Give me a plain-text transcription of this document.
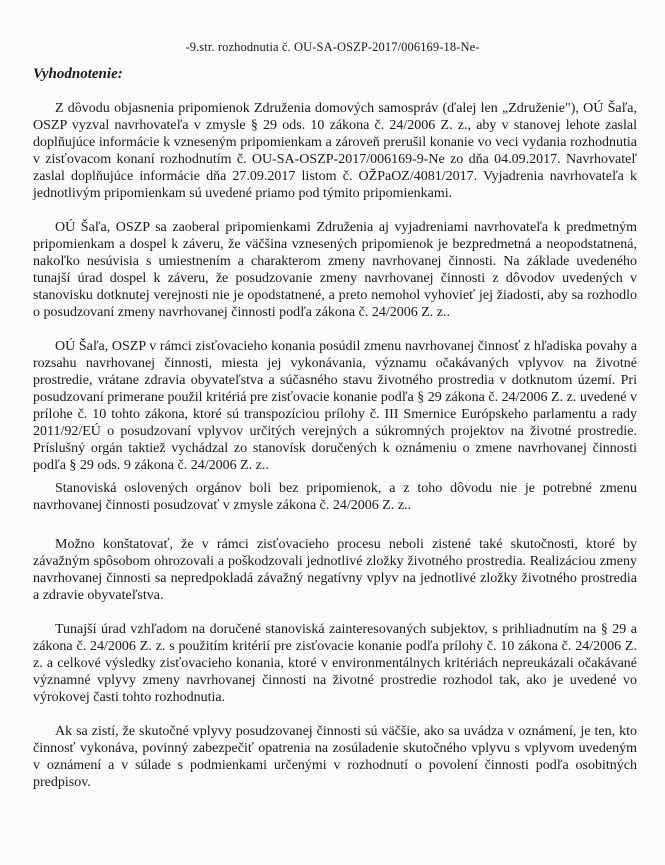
-9.str. rozhodnutia č. OU-SA-OSZP-2017/006169-18-Ne-
Vyhodnotenie:

Z dôvodu objasnenia pripomienok Združenia domových samospráv (ďalej len „Združenie"), OÚ Šaľa, OSZP vyzval navrhovateľa v zmysle § 29 ods. 10 zákona č. 24/2006 Z. z., aby v stanovej lehote zaslal doplňujúce informácie k vzneseným pripomienkam a zároveň prerušil konanie vo veci vydania rozhodnutia v zisťovacom konaní rozhodnutím č. OU-SA-OSZP-2017/006169-9-Ne zo dňa 04.09.2017. Navrhovateľ zaslal doplňujúce informácie dňa 27.09.2017 listom č. OŽPaOZ/4081/2017. Vyjadrenia navrhovateľa k jednotlivým pripomienkam sú uvedené priamo pod týmito pripomienkami.

OÚ Šaľa, OSZP sa zaoberal pripomienkami Združenia aj vyjadreniami navrhovateľa k predmetným pripomienkam a dospel k záveru, že väčšina vznesených pripomienok je bezpredmetná a neopodstatnená, nakoľko nesúvisia s umiestnením a charakterom zmeny navrhovanej činnosti. Na základe uvedeného tunajší úrad dospel k záveru, že posudzovanie zmeny navrhovanej činnosti z dôvodov uvedených v stanovisku dotknutej verejnosti nie je opodstatnené, a preto nemohol vyhovieť jej žiadosti, aby sa rozhodlo o posudzovaní zmeny navrhovanej činnosti podľa zákona č. 24/2006 Z. z..

OÚ Šaľa, OSZP v rámci zisťovacieho konania posúdil zmenu navrhovanej činnosť z hľadiska povahy a rozsahu navrhovanej činnosti, miesta jej vykonávania, významu očakávaných vplyvov na životné prostredie, vrátane zdravia obyvateľstva a súčasného stavu životného prostredia v dotknutom území. Pri posudzovaní primerane použil kritériá pre zisťovacie konanie podľa § 29 zákona č. 24/2006 Z. z. uvedené v prílohe č. 10 tohto zákona, ktoré sú transpozíciou prílohy č. III Smernice Európskeho parlamentu a rady 2011/92/EÚ o posudzovaní vplyvov určitých verejných a súkromných projektov na životné prostredie. Príslušný orgán taktiež vychádzal zo stanovísk doručených k oznámeniu o zmene navrhovanej činnosti podľa § 29 ods. 9 zákona č. 24/2006 Z. z..

Stanoviská oslovených orgánov boli bez pripomienok, a z toho dôvodu nie je potrebné zmenu navrhovanej činnosti posudzovať v zmysle zákona č. 24/2006 Z. z..

Možno konštatovať, že v rámci zisťovacieho procesu neboli zistené také skutočnosti, ktoré by závažným spôsobom ohrozovali a poškodzovali jednotlivé zložky životného prostredia. Realizáciou zmeny navrhovanej činnosti sa nepredpokladá závažný negatívny vplyv na jednotlivé zložky životného prostredia a zdravie obyvateľstva.

Tunajší úrad vzhľadom na doručené stanoviská zainteresovaných subjektov, s prihliadnutím na § 29 a zákona č. 24/2006 Z. z. s použitím kritérií pre zisťovacie konanie podľa prílohy č. 10 zákona č. 24/2006 Z. z. a celkové výsledky zisťovacieho konania, ktoré v environmentálnych kritériách nepreukázali očakávané významné vplyvy zmeny navrhovanej činnosti na životné prostredie rozhodol tak, ako je uvedené vo výrokovej časti tohto rozhodnutia.

Ak sa zistí, že skutočné vplyvy posudzovanej činnosti sú väčšie, ako sa uvádza v oznámení, je ten, kto činnosť vykonáva, povinný zabezpečiť opatrenia na zosúladenie skutočného vplyvu s vplyvom uvedeným v oznámení a v súlade s podmienkami určenými v rozhodnutí o povolení činnosti podľa osobitných predpisov.
